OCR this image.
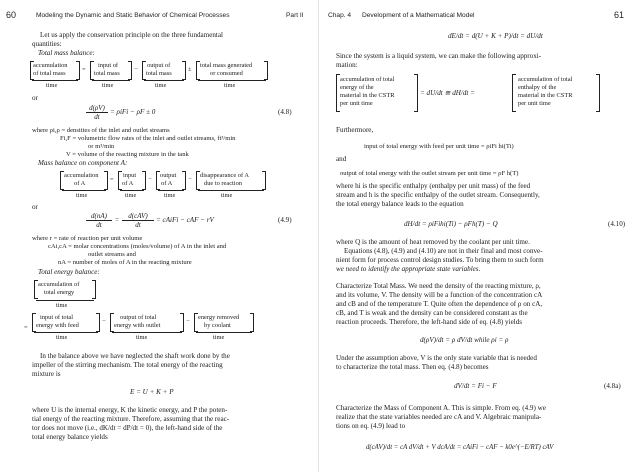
60	Modeling the Dynamic and Static Behavior of Chemical Processes	Part II
Let us apply the conservation principle on the three fundamental
quantities:
Total mass balance:
accumulation
of total mass
time
=
input of
total mass
time
−
output of
total mass
time
±
total mass generated
or consumed
time
or
$\frac{d(\rho V)}{dt} = \rho iFi - \rho F \pm 0$	(4.8)
where ρi,ρ = densities of the inlet and outlet streams
Fi,F = volumetric flow rates of the inlet and outlet streams, ft³/min
or m³/min
V = volume of the reacting mixture in the tank
Mass balance on component A:
accumulation
of A
time
=
input
of A
time
−
output
of A
time
−
disappearance of A
due to reaction
time
or
$\frac{d(nA)}{dt}$ =	d(cAV)
dt
= cAiFi − cAF − rV	(4.9)
where r = rate of reaction per unit volume
cAi,cA = molar concentrations (moles/volume) of A in the inlet and
outlet streams and
nA = number of moles of A in the reacting mixture
Total energy balance:
accumulation of
total energy
time
=
input of total
energy with feed
time
−
output of total
energy with outlet
time
−
energy removed
by coolant
time
In the balance above we have neglected the shaft work done by the
impeller of the stirring mechanism. The total energy of the reacting
mixture is
E = U + K + P
where U is the internal energy, K the kinetic energy, and P the poten-
tial energy of the reacting mixture. Therefore, assuming that the reac-
tor does not move (i.e., dK/dt = dP/dt = 0), the left-hand side of the
total energy balance yields
Chap. 4 Development of a Mathematical Model	61
dE/dt = d(U + K + P)/dt = dU/dt
Since the system is a liquid system, we can make the following approxi-
mation:
accumulation of total
energy of the
material in the CSTR
per unit time
= dU/dt ≅ dH/dt =
accumulation of total
enthalpy of the
material in the CSTR
per unit time
Furthermore,
input of total energy with feed per unit time = ρiFi hi(Ti)
and
output of total energy with the outlet stream per unit time = ρF h(T)
where hi is the specific enthalpy (enthalpy per unit mass) of the feed
stream and h is the specific enthalpy of the outlet stream. Consequently,
the total energy balance leads to the equation
dH/dt = ρiFihi(Ti) − ρFh(T) − Q	(4.10)
where Q is the amount of heat removed by the coolant per unit time.
Equations (4.8), (4.9) and (4.10) are not in their final and most conve-
nient form for process control design studies. To bring them to such form
we need to identify the appropriate state variables.
Characterize Total Mass. We need the density of the reacting mixture, ρ,
and its volume, V. The density will be a function of the concentration cA
and cB and of the temperature T. Quite often the dependence of ρ on cA,
cB, and T is weak and the density can be considered constant as the
reaction proceeds. Therefore, the left-hand side of eq. (4.8) yields
d(ρV)/dt = ρ dV/dt while ρi = ρ
Under the assumption above, V is the only state variable that is needed
to characterize the total mass. Then eq. (4.8) becomes
dV/dt = Fi − F	(4.8a)
Characterize the Mass of Component A. This is simple. From eq. (4.9) we
realize that the state variables needed are cA and V. Algebraic manipula-
tions on eq. (4.9) lead to
d(cAV)/dt = cA dV/dt + V dcA/dt = cAiFi − cAF − k0e^(−E/RT) cAV
